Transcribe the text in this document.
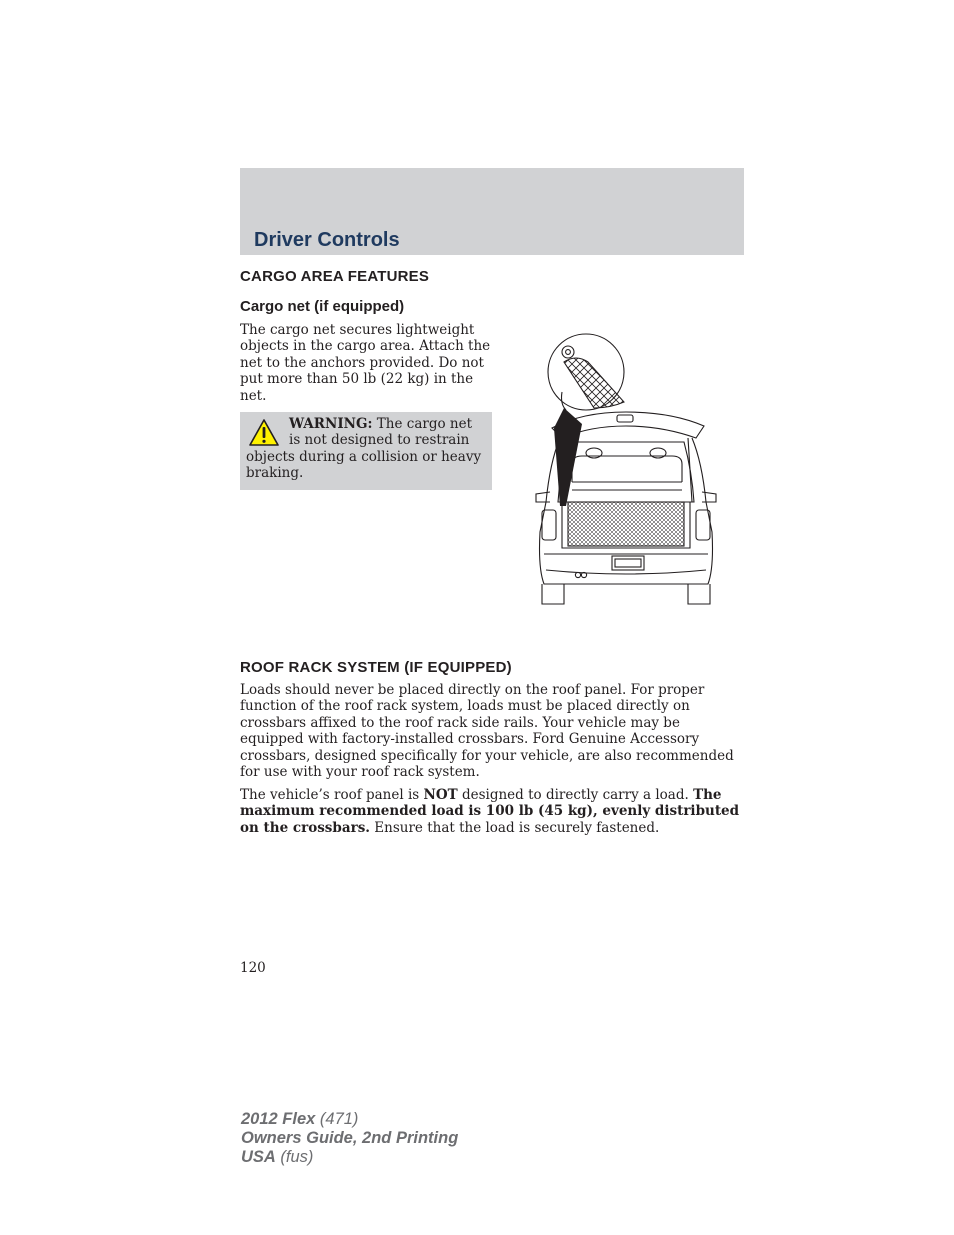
Driver Controls
CARGO AREA FEATURES
Cargo net (if equipped)
The cargo net secures lightweight
objects in the cargo area. Attach the
net to the anchors provided. Do not
put more than 50 lb (22 kg) in the
net.
WARNING: The cargo net
is not designed to restrain
objects during a collision or heavy
braking.
ROOF RACK SYSTEM (IF EQUIPPED)
Loads should never be placed directly on the roof panel. For proper
function of the roof rack system, loads must be placed directly on
crossbars affixed to the roof rack side rails. Your vehicle may be
equipped with factory-installed crossbars. Ford Genuine Accessory
crossbars, designed specifically for your vehicle, are also recommended
for use with your roof rack system.
The vehicle’s roof panel is NOT designed to directly carry a load. The
maximum recommended load is 100 lb (45 kg), evenly distributed
on the crossbars. Ensure that the load is securely fastened.
120
2012 Flex (471)
Owners Guide, 2nd Printing
USA (fus)
